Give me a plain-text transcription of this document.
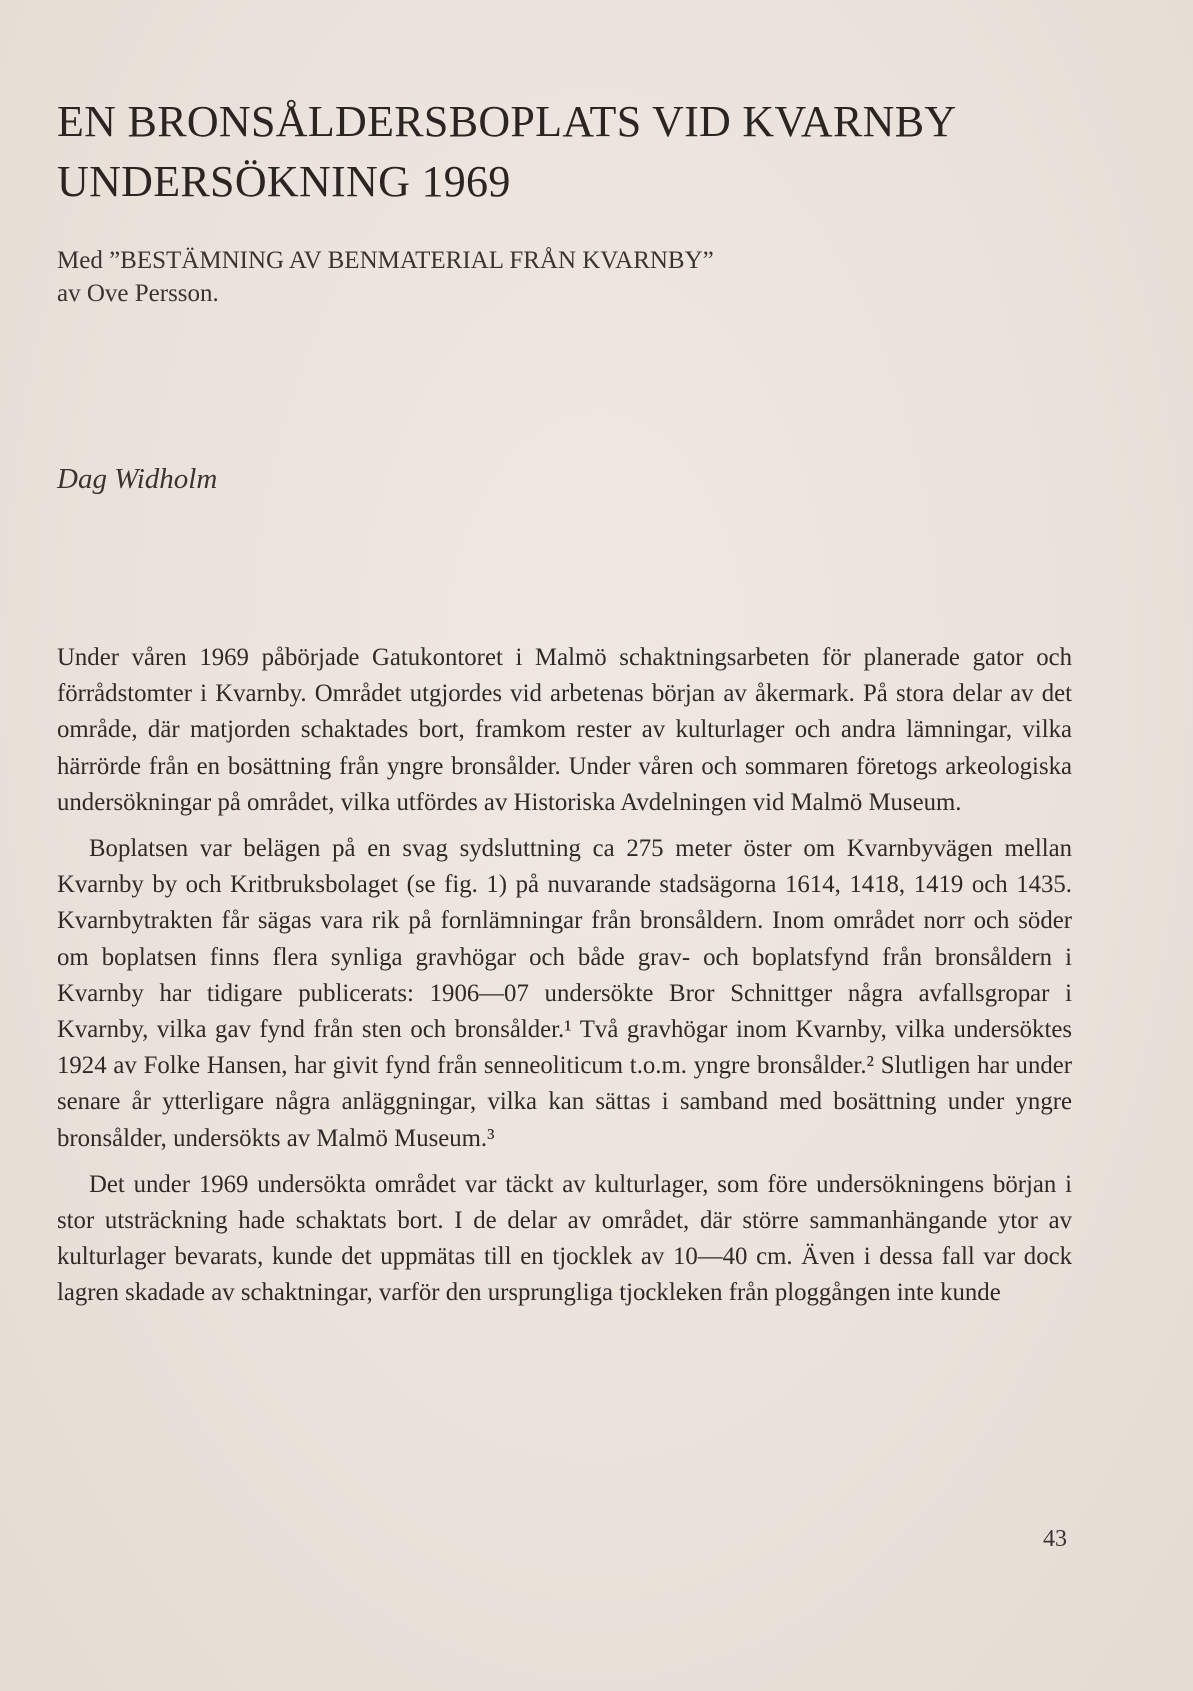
EN BRONSÅLDERSBOPLATS VID KVARNBY
UNDERSÖKNING 1969
Med ”BESTÄMNING AV BENMATERIAL FRÅN KVARNBY”
av Ove Persson.
Dag Widholm

Under våren 1969 påbörjade Gatukontoret i Malmö schaktningsarbeten för planerade gator och förrådstomter i Kvarnby. Området utgjordes vid arbetenas början av åkermark. På stora delar av det område, där matjorden schaktades bort, framkom rester av kulturlager och andra lämningar, vilka härrörde från en bosättning från yngre bronsålder. Under våren och sommaren företogs arkeologiska undersökningar på området, vilka utfördes av Historiska Avdelningen vid Malmö Museum.

Boplatsen var belägen på en svag sydsluttning ca 275 meter öster om Kvarnbyvägen mellan Kvarnby by och Kritbruksbolaget (se fig. 1) på nuvarande stadsägorna 1614, 1418, 1419 och 1435. Kvarnbytrakten får sägas vara rik på fornlämningar från bronsåldern. Inom området norr och söder om boplatsen finns flera synliga gravhögar och både grav- och boplatsfynd från bronsåldern i Kvarnby har tidigare publicerats: 1906—07 undersökte Bror Schnittger några avfallsgropar i Kvarnby, vilka gav fynd från sten och bronsålder.¹ Två gravhögar inom Kvarnby, vilka undersöktes 1924 av Folke Hansen, har givit fynd från senneoliticum t.o.m. yngre bronsålder.² Slutligen har under senare år ytterligare några anläggningar, vilka kan sättas i samband med bosättning under yngre bronsålder, undersökts av Malmö Museum.³

Det under 1969 undersökta området var täckt av kulturlager, som före undersökningens början i stor utsträckning hade schaktats bort. I de delar av området, där större sammanhängande ytor av kulturlager bevarats, kunde det uppmätas till en tjocklek av 10—40 cm. Även i dessa fall var dock lagren skadade av schaktningar, varför den ursprungliga tjockleken från ploggången inte kunde

43
